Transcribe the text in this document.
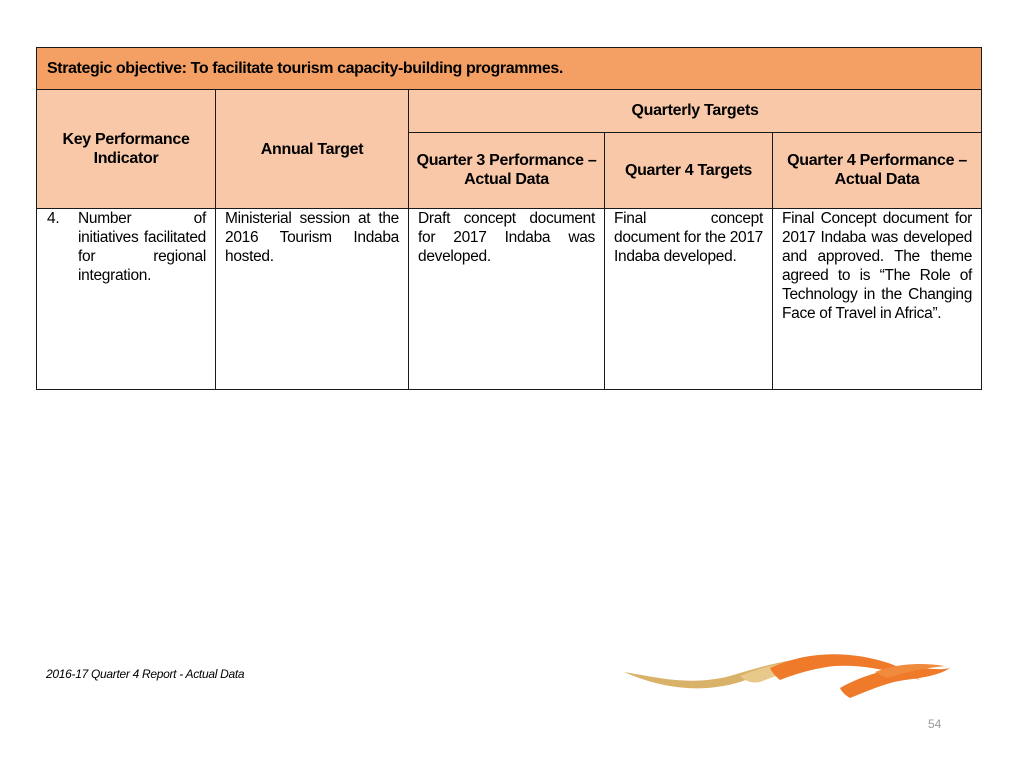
Strategic objective: To facilitate tourism capacity-building programmes.				
Key Performance Indicator	Annual Target	Quarterly Targets		
		Quarter 3 Performance – Actual Data	Quarter 4 Targets	Quarter 4 Performance – Actual Data

4. Number of initiatives facilitated for regional integration.	Ministerial session at the 2016 Tourism Indaba hosted.	Draft concept document for 2017 Indaba was developed.	Final concept document for the 2017 Indaba developed.	Final Concept document for 2017 Indaba was developed and approved. The theme agreed to is “The Role of Technology in the Changing Face of Travel in Africa”.
2016-17 Quarter 4 Report - Actual Data
54
